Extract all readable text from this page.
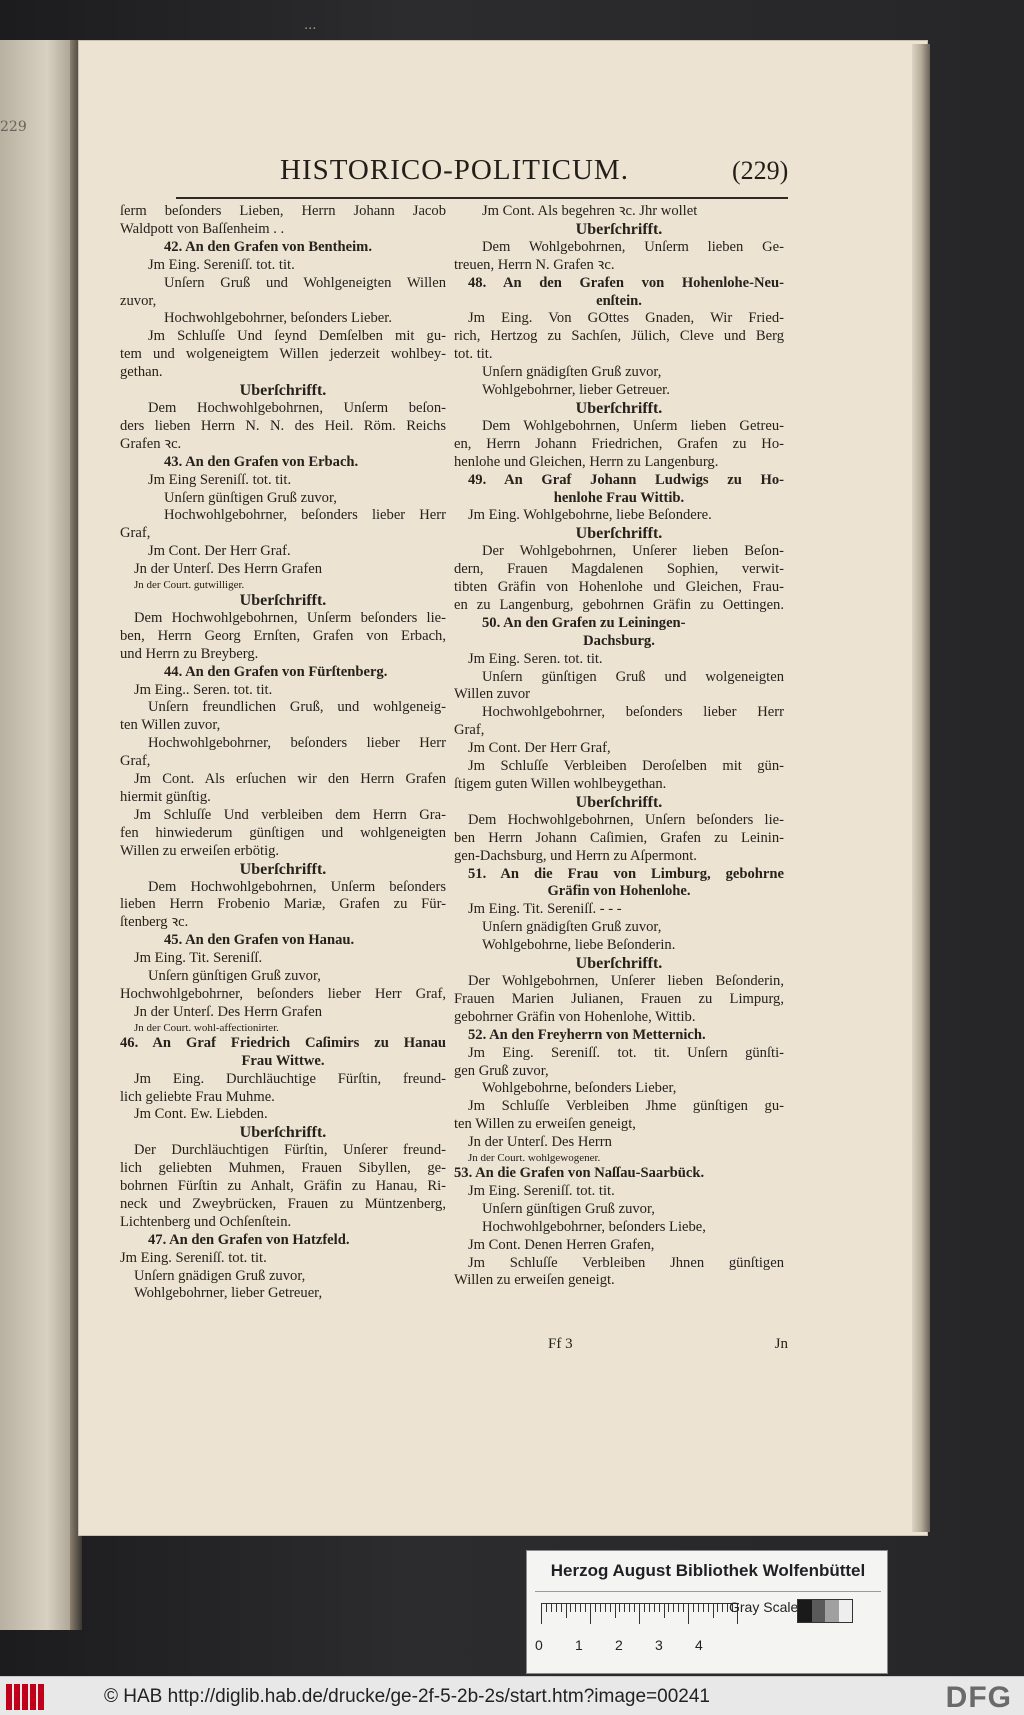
229
...
HISTORICO-POLITICUM.	(229)
ſerm beſonders Lieben, Herrn Johann Jacob
Waldpott von Baſſenheim . .
42. An den Grafen von Bentheim.
Jm Eing. Sereniſſ. tot. tit.
Unſern Gruß und Wohlgeneigten Willen
zuvor,
Hochwohlgebohrner, beſonders Lieber.
Jm Schluſſe Und ſeynd Demſelben mit gu-
tem und wolgeneigtem Willen jederzeit wohlbey-
gethan.
Uberſchrifft.
Dem Hochwohlgebohrnen, Unſerm beſon-
ders lieben Herrn N. N. des Heil. Röm. Reichs
Grafen ꝛc.
43. An den Grafen von Erbach.
Jm Eing Sereniſſ. tot. tit.
Unſern günſtigen Gruß zuvor,
Hochwohlgebohrner, beſonders lieber Herr
Graf,
Jm Cont. Der Herr Graf.
Jn der Unterſ. Des Herrn Grafen
Jn der Court. gutwilliger.
Uberſchrifft.
Dem Hochwohlgebohrnen, Unſerm beſonders lie-
ben, Herrn Georg Ernſten, Grafen von Erbach,
und Herrn zu Breyberg.
44. An den Grafen von Fürſtenberg.
Jm Eing.. Seren. tot. tit.
Unſern freundlichen Gruß, und wohlgeneig-
ten Willen zuvor,
Hochwohlgebohrner, beſonders lieber Herr
Graf,
Jm Cont. Als erſuchen wir den Herrn Grafen
hiermit günſtig.
Jm Schluſſe Und verbleiben dem Herrn Gra-
fen hinwiederum günſtigen und wohlgeneigten
Willen zu erweiſen erbötig.
Uberſchrifft.
Dem Hochwohlgebohrnen, Unſerm beſonders
lieben Herrn Frobenio Mariæ, Grafen zu Für-
ſtenberg ꝛc.
45. An den Grafen von Hanau.
Jm Eing. Tit. Sereniſſ.
Unſern günſtigen Gruß zuvor,
Hochwohlgebohrner, beſonders lieber Herr Graf,
Jn der Unterſ. Des Herrn Grafen
Jn der Court. wohl-affectionirter.
46. An Graf Friedrich Caſimirs zu Hanau
Frau Wittwe.
Jm Eing. Durchläuchtige Fürſtin, freund-
lich geliebte Frau Muhme.
Jm Cont. Ew. Liebden.
Uberſchrifft.
Der Durchläuchtigen Fürſtin, Unſerer freund-
lich geliebten Muhmen, Frauen Sibyllen, ge-
bohrnen Fürſtin zu Anhalt, Gräfin zu Hanau, Ri-
neck und Zweybrücken, Frauen zu Müntzenberg,
Lichtenberg und Ochſenſtein.
47. An den Grafen von Hatzfeld.
Jm Eing. Sereniſſ. tot. tit.
Unſern gnädigen Gruß zuvor,
Wohlgebohrner, lieber Getreuer,
Jm Cont. Als begehren ꝛc. Jhr wollet
Uberſchrifft.
Dem Wohlgebohrnen, Unſerm lieben Ge-
treuen, Herrn N. Grafen ꝛc.
48. An den Grafen von Hohenlohe-Neu-
enſtein.
Jm Eing. Von GOttes Gnaden, Wir Fried-
rich, Hertzog zu Sachſen, Jülich, Cleve und Berg
tot. tit.
Unſern gnädigſten Gruß zuvor,
Wohlgebohrner, lieber Getreuer.
Uberſchrifft.
Dem Wohlgebohrnen, Unſerm lieben Getreu-
en, Herrn Johann Friedrichen, Grafen zu Ho-
henlohe und Gleichen, Herrn zu Langenburg.
49. An Graf Johann Ludwigs zu Ho-
henlohe Frau Wittib.
Jm Eing. Wohlgebohrne, liebe Beſondere.
Uberſchrifft.
Der Wohlgebohrnen, Unſerer lieben Beſon-
dern, Frauen Magdalenen Sophien, verwit-
tibten Gräfin von Hohenlohe und Gleichen, Frau-
en zu Langenburg, gebohrnen Gräfin zu Oettingen.
50. An den Grafen zu Leiningen-
Dachsburg.
Jm Eing. Seren. tot. tit.
Unſern günſtigen Gruß und wolgeneigten
Willen zuvor
Hochwohlgebohrner, beſonders lieber Herr
Graf,
Jm Cont. Der Herr Graf,
Jm Schluſſe Verbleiben Deroſelben mit gün-
ſtigem guten Willen wohlbeygethan.
Uberſchrifft.
Dem Hochwohlgebohrnen, Unſern beſonders lie-
ben Herrn Johann Caſimien, Grafen zu Leinin-
gen-Dachsburg, und Herrn zu Aſpermont.
51. An die Frau von Limburg, gebohrne
Gräfin von Hohenlohe.
Jm Eing. Tit. Sereniſſ. - - -
Unſern gnädigſten Gruß zuvor,
Wohlgebohrne, liebe Beſonderin.
Uberſchrifft.
Der Wohlgebohrnen, Unſerer lieben Beſonderin,
Frauen Marien Julianen, Frauen zu Limpurg,
gebohrner Gräfin von Hohenlohe, Wittib.
52. An den Freyherrn von Metternich.
Jm Eing. Sereniſſ. tot. tit. Unſern günſti-
gen Gruß zuvor,
Wohlgebohrne, beſonders Lieber,
Jm Schluſſe Verbleiben Jhme günſtigen gu-
ten Willen zu erweiſen geneigt,
Jn der Unterſ. Des Herrn
Jn der Court. wohlgewogener.
53. An die Grafen von Naſſau-Saarbück.
Jm Eing. Sereniſſ. tot. tit.
Unſern günſtigen Gruß zuvor,
Hochwohlgebohrner, beſonders Liebe,
Jm Cont. Denen Herren Grafen,
Jm Schluſſe Verbleiben Jhnen günſtigen
Willen zu erweiſen geneigt.
Ff 3	Jn
Herzog August Bibliothek Wolfenbüttel
0 1 2 3 4
Gray Scale
© HAB http://diglib.hab.de/drucke/ge-2f-5-2b-2s/start.htm?image=00241	DFG
